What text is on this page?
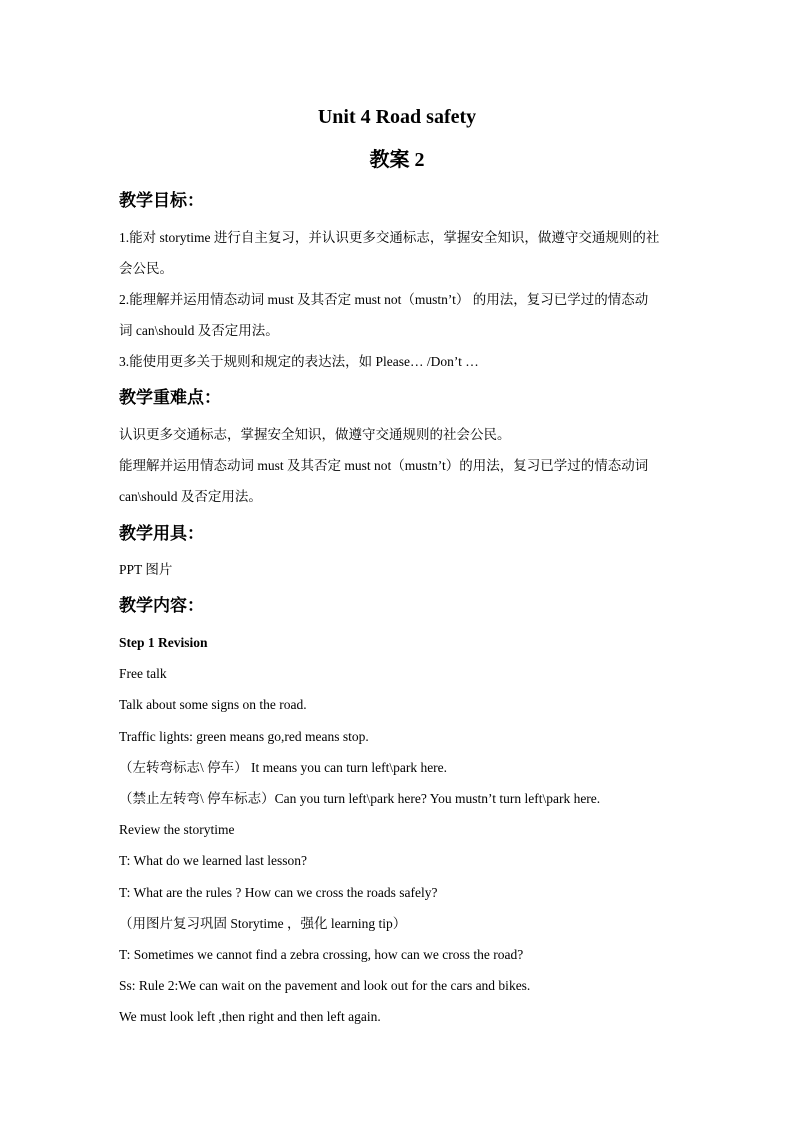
Unit 4 Road safety
教案 2
教学目标：
1.能对 storytime 进行自主复习，并认识更多交通标志，掌握安全知识，做遵守交通规则的社
会公民。
2.能理解并运用情态动词 must 及其否定 must not（mustn’t） 的用法，复习已学过的情态动
词 can\should 及否定用法。
3.能使用更多关于规则和规定的表达法，如 Please… /Don’t …
教学重难点：
认识更多交通标志，掌握安全知识，做遵守交通规则的社会公民。
能理解并运用情态动词 must 及其否定 must not（mustn’t）的用法，复习已学过的情态动词
can\should 及否定用法。
教学用具：
PPT 图片
教学内容：
Step 1 Revision
Free talk
Talk about some signs on the road.
Traffic lights: green means go,red means stop.
（左转弯标志\ 停车） It means you can turn left\park here.
（禁止左转弯\ 停车标志）Can you turn left\park here? You mustn’t turn left\park here.
Review the storytime
T: What do we learned last lesson?
T: What are the rules ? How can we cross the roads safely?
（用图片复习巩固 Storytime ，强化 learning tip）
T: Sometimes we cannot find a zebra crossing, how can we cross the road?
Ss: Rule 2:We can wait on the pavement and look out for the cars and bikes.
We must look left ,then right and then left again.
